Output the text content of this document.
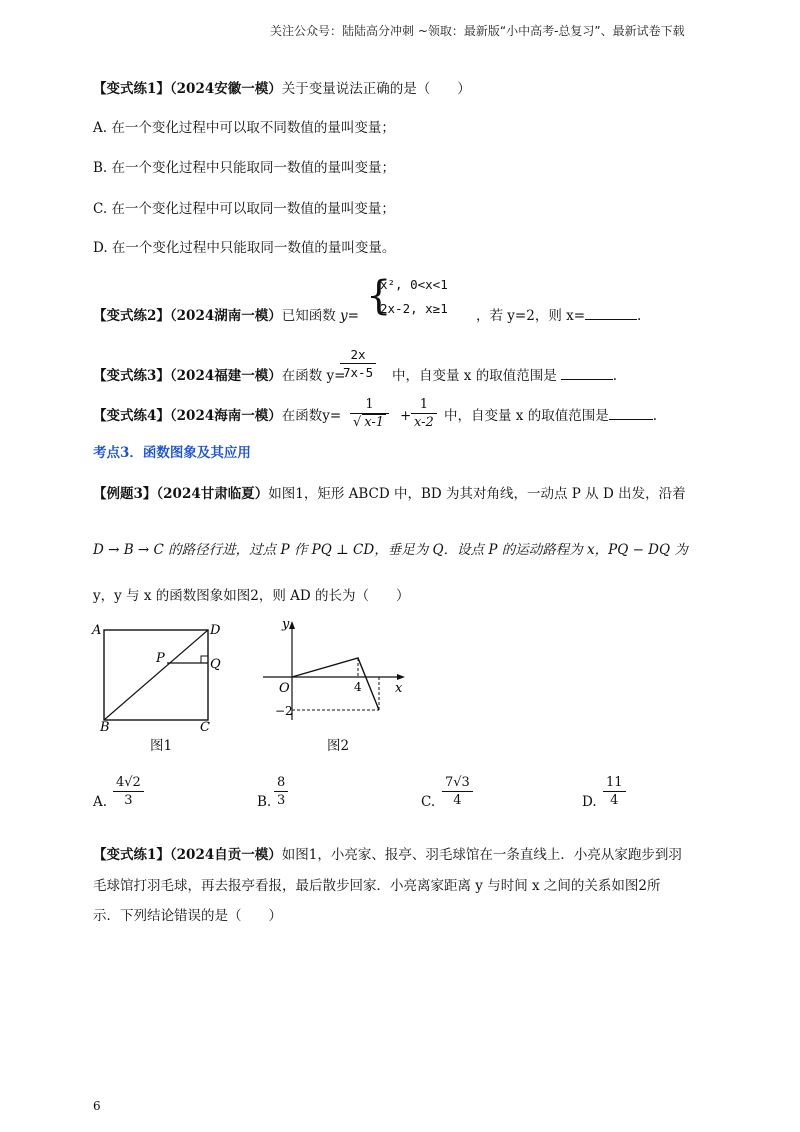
关注公众号：陆陆高分冲刺 ~领取：最新版“小中高考-总复习”、最新试卷下载
【变式练1】（2024安徽一模）关于变量说法正确的是（　　）
A. 在一个变化过程中可以取不同数值的量叫变量；
B. 在一个变化过程中只能取同一数值的量叫变量；
C. 在一个变化过程中可以取同一数值的量叫变量；
D. 在一个变化过程中只能取同一数值的量叫变量。
【变式练2】（2024湖南一模）已知函数 y= {
x², 0<x<1
2x-2, x≥1 ，若 y=2，则 x=	.
【变式练3】（2024福建一模）在函数 y=
$\frac{2x}{7x-5}$ 中，自变量 x 的取值范围是	.
【变式练4】（2024海南一模）在函数$y= \frac{1}{√ x-1} + \frac{1}{x-2}$ 中，自变量 x 的取值范围是	.
考点3．函数图象及其应用
【例题3】（2024甘肃临夏）如图1，矩形 ABCD 中，BD 为其对角线，一动点 P 从 D 出发，沿着
D → B → C 的路径行进，过点 P 作 PQ ⊥ CD，垂足为 Q．设点 P 的运动路程为 x，PQ − DQ 为
y，y 与 x 的函数图象如图2，则 AD 的长为（　　）
A	D
Q
P
B	C
图1
y
x
O	4
−2
图2
A. $\frac{4√2}{3}$	B. $\frac{8}{3}$	C. $\frac{7√3}{4}$	D. $\frac{11}{4}$
【变式练1】（2024自贡一模）如图1，小亮家、报亭、羽毛球馆在一条直线上．小亮从家跑步到羽
毛球馆打羽毛球，再去报亭看报，最后散步回家．小亮离家距离 y 与时间 x 之间的关系如图2所
示．下列结论错误的是（　　）
6
